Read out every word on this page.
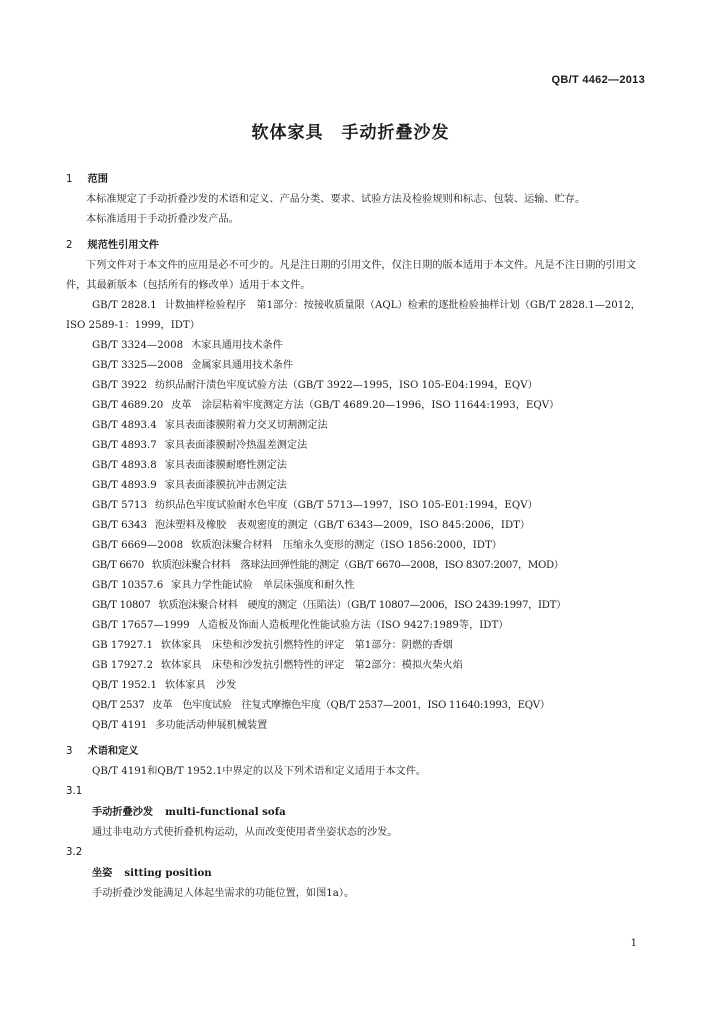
QB/T 4462—2013
软体家具　手动折叠沙发

1 范围

本标准规定了手动折叠沙发的术语和定义、产品分类、要求、试验方法及检验规则和标志、包装、运输、贮存。

本标准适用于手动折叠沙发产品。

2 规范性引用文件

下列文件对于本文件的应用是必不可少的。凡是注日期的引用文件，仅注日期的版本适用于本文件。凡是不注日期的引用文件，其最新版本（包括所有的修改单）适用于本文件。

GB/T 2828.1 计数抽样检验程序　第1部分：按接收质量限（AQL）检索的逐批检验抽样计划（GB/T 2828.1—2012，ISO 2589-1：1999，IDT）
GB/T 3324—2008 木家具通用技术条件
GB/T 3325—2008 金属家具通用技术条件
GB/T 3922 纺织品耐汗渍色牢度试验方法（GB/T 3922—1995，ISO 105-E04:1994，EQV）
GB/T 4689.20 皮革　涂层粘着牢度测定方法（GB/T 4689.20—1996，ISO 11644:1993，EQV）
GB/T 4893.4 家具表面漆膜附着力交叉切割测定法
GB/T 4893.7 家具表面漆膜耐冷热温差测定法
GB/T 4893.8 家具表面漆膜耐磨性测定法
GB/T 4893.9 家具表面漆膜抗冲击测定法
GB/T 5713 纺织品色牢度试验耐水色牢度（GB/T 5713—1997，ISO 105-E01:1994，EQV）
GB/T 6343 泡沫塑料及橡胶　表观密度的测定（GB/T 6343—2009，ISO 845:2006，IDT）
GB/T 6669—2008 软质泡沫聚合材料　压缩永久变形的测定（ISO 1856:2000，IDT）
GB/T 6670 软质泡沫聚合材料　落球法回弹性能的测定（GB/T 6670—2008，ISO 8307:2007，MOD）
GB/T 10357.6 家具力学性能试验　单层床强度和耐久性
GB/T 10807 软质泡沫聚合材料　硬度的测定（压陷法）（GB/T 10807—2006，ISO 2439:1997，IDT）
GB/T 17657—1999 人造板及饰面人造板理化性能试验方法（ISO 9427:1989等，IDT）
GB 17927.1 软体家具　床垫和沙发抗引燃特性的评定　第1部分：阴燃的香烟
GB 17927.2 软体家具　床垫和沙发抗引燃特性的评定　第2部分：模拟火柴火焰
QB/T 1952.1 软体家具　沙发
QB/T 2537 皮革　色牢度试验　往复式摩擦色牢度（QB/T 2537—2001，ISO 11640:1993，EQV）
QB/T 4191 多功能活动伸展机械装置

3 术语和定义

QB/T 4191和QB/T 1952.1中界定的以及下列术语和定义适用于本文件。

3.1

手动折叠沙发 multi-functional sofa

通过非电动方式使折叠机构运动，从而改变使用者坐姿状态的沙发。

3.2

坐姿 sitting position

手动折叠沙发能满足人体起坐需求的功能位置，如图1a）。

1
